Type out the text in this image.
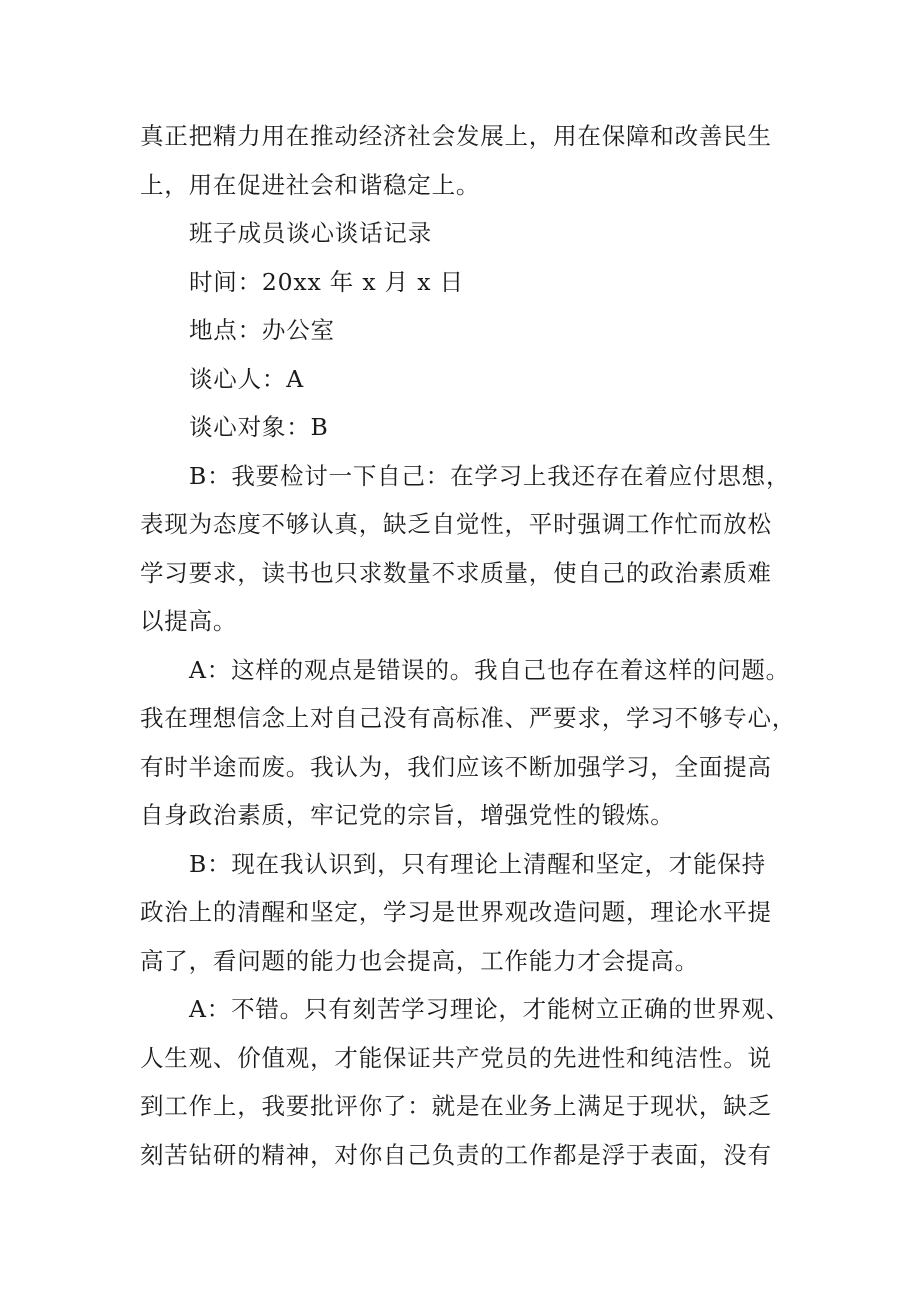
真正把精力用在推动经济社会发展上，用在保障和改善民生
上，用在促进社会和谐稳定上。
班子成员谈心谈话记录
时间：20xx 年 x 月 x 日
地点：办公室
谈心人：A
谈心对象：B
B：我要检讨一下自己：在学习上我还存在着应付思想，
表现为态度不够认真，缺乏自觉性，平时强调工作忙而放松
学习要求，读书也只求数量不求质量，使自己的政治素质难
以提高。
A：这样的观点是错误的。我自己也存在着这样的问题。
我在理想信念上对自己没有高标准、严要求，学习不够专心，
有时半途而废。我认为，我们应该不断加强学习，全面提高
自身政治素质，牢记党的宗旨，增强党性的锻炼。
B：现在我认识到，只有理论上清醒和坚定，才能保持
政治上的清醒和坚定，学习是世界观改造问题，理论水平提
高了，看问题的能力也会提高，工作能力才会提高。
A：不错。只有刻苦学习理论，才能树立正确的世界观、
人生观、价值观，才能保证共产党员的先进性和纯洁性。说
到工作上，我要批评你了：就是在业务上满足于现状，缺乏
刻苦钻研的精神，对你自己负责的工作都是浮于表面，没有
